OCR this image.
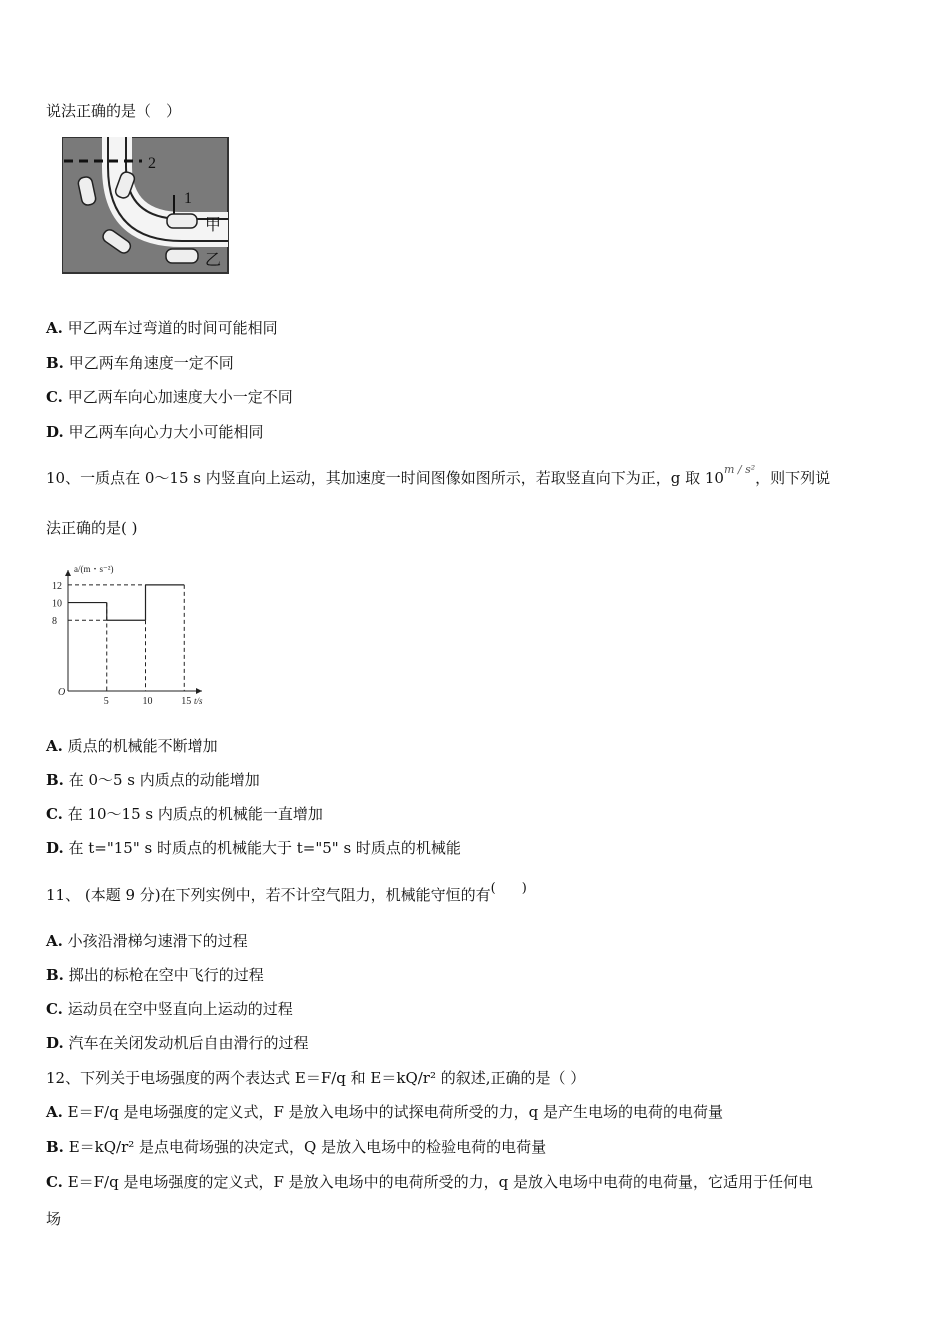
说法正确的是（　）
2
1
甲
乙
A. 甲乙两车过弯道的时间可能相同
B. 甲乙两车角速度一定不同
C. 甲乙两车向心加速度大小一定不同
D. 甲乙两车向心力大小可能相同
10、一质点在 0～15 s 内竖直向上运动，其加速度一时间图像如图所示，若取竖直向下为正，g 取 $10^{m / s^2}$，则下列说
法正确的是( )
a/(m・s⁻²)
t/s
O
5	10	15
8
10
12
A. 质点的机械能不断增加
B. 在 0～5 s 内质点的动能增加
C. 在 10～15 s 内质点的机械能一直增加
D. 在 t="15" s 时质点的机械能大于 t="5" s 时质点的机械能
11、 (本题 9 分)在下列实例中，若不计空气阻力，机械能守恒的有(　　)
A. 小孩沿滑梯匀速滑下的过程
B. 掷出的标枪在空中飞行的过程
C. 运动员在空中竖直向上运动的过程
D. 汽车在关闭发动机后自由滑行的过程
12、下列关于电场强度的两个表达式 E＝F/q 和 E＝kQ/r² 的叙述,正确的是（ ）
A. E＝F/q 是电场强度的定义式，F 是放入电场中的试探电荷所受的力，q 是产生电场的电荷的电荷量
B. E＝kQ/r² 是点电荷场强的决定式，Q 是放入电场中的检验电荷的电荷量
C. E＝F/q 是电场强度的定义式，F 是放入电场中的电荷所受的力，q 是放入电场中电荷的电荷量，它适用于任何电
场
